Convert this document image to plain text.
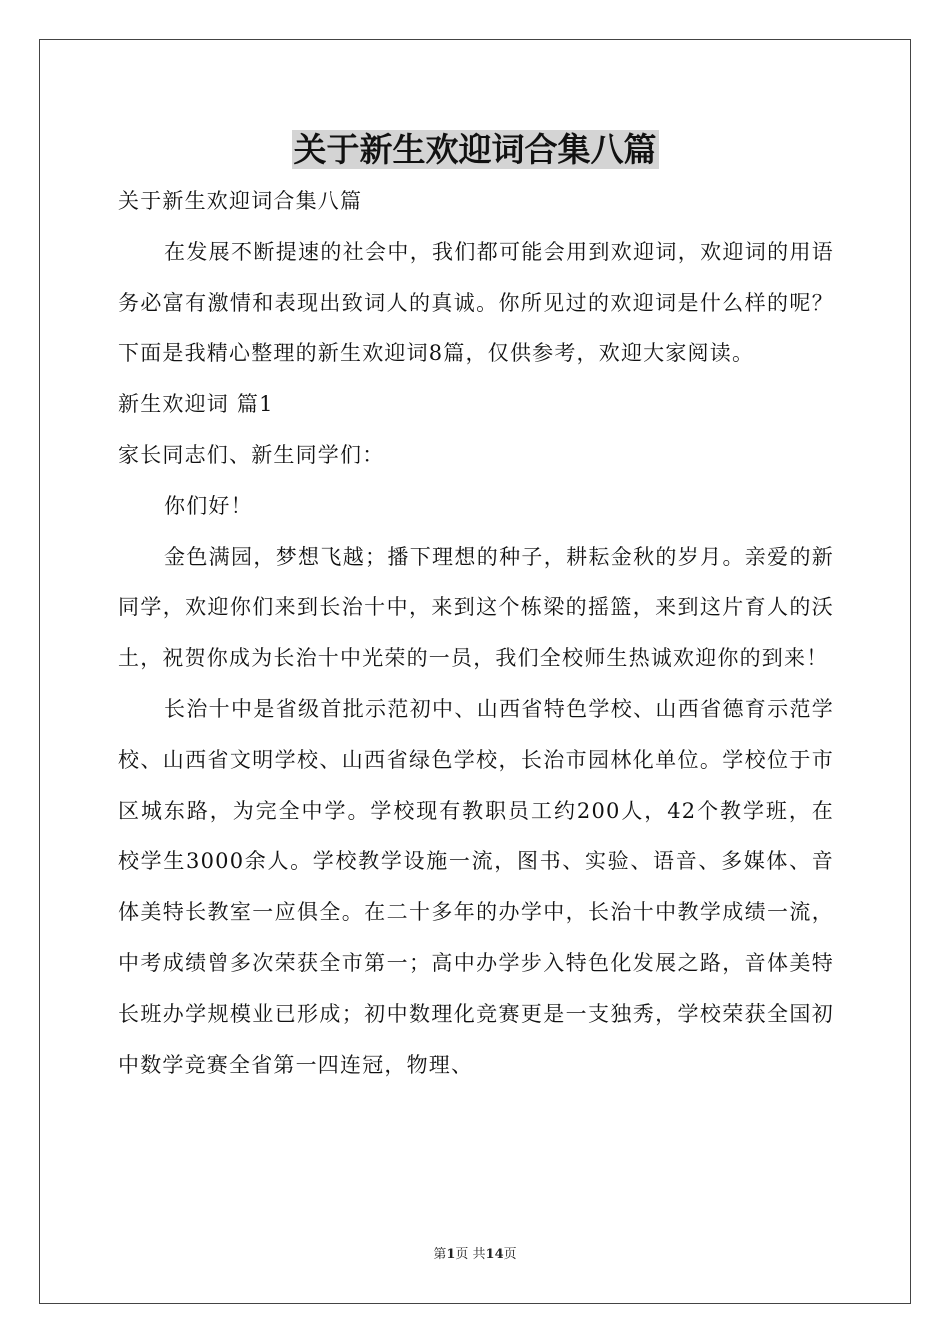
关于新生欢迎词合集八篇

关于新生欢迎词合集八篇

在发展不断提速的社会中，我们都可能会用到欢迎词，欢迎词的用语务必富有激情和表现出致词人的真诚。你所见过的欢迎词是什么样的呢？下面是我精心整理的新生欢迎词8篇，仅供参考，欢迎大家阅读。

新生欢迎词 篇1

家长同志们、新生同学们：

你们好！

金色满园，梦想飞越；播下理想的种子，耕耘金秋的岁月。亲爱的新同学，欢迎你们来到长治十中，来到这个栋梁的摇篮，来到这片育人的沃土，祝贺你成为长治十中光荣的一员，我们全校师生热诚欢迎你的到来！

长治十中是省级首批示范初中、山西省特色学校、山西省德育示范学校、山西省文明学校、山西省绿色学校，长治市园林化单位。学校位于市区城东路，为完全中学。学校现有教职员工约200人，42个教学班，在校学生3000余人。学校教学设施一流，图书、实验、语音、多媒体、音体美特长教室一应俱全。在二十多年的办学中，长治十中教学成绩一流，中考成绩曾多次荣获全市第一；高中办学步入特色化发展之路，音体美特长班办学规模业已形成；初中数理化竞赛更是一支独秀，学校荣获全国初中数学竞赛全省第一四连冠，物理、

第1页 共14页
